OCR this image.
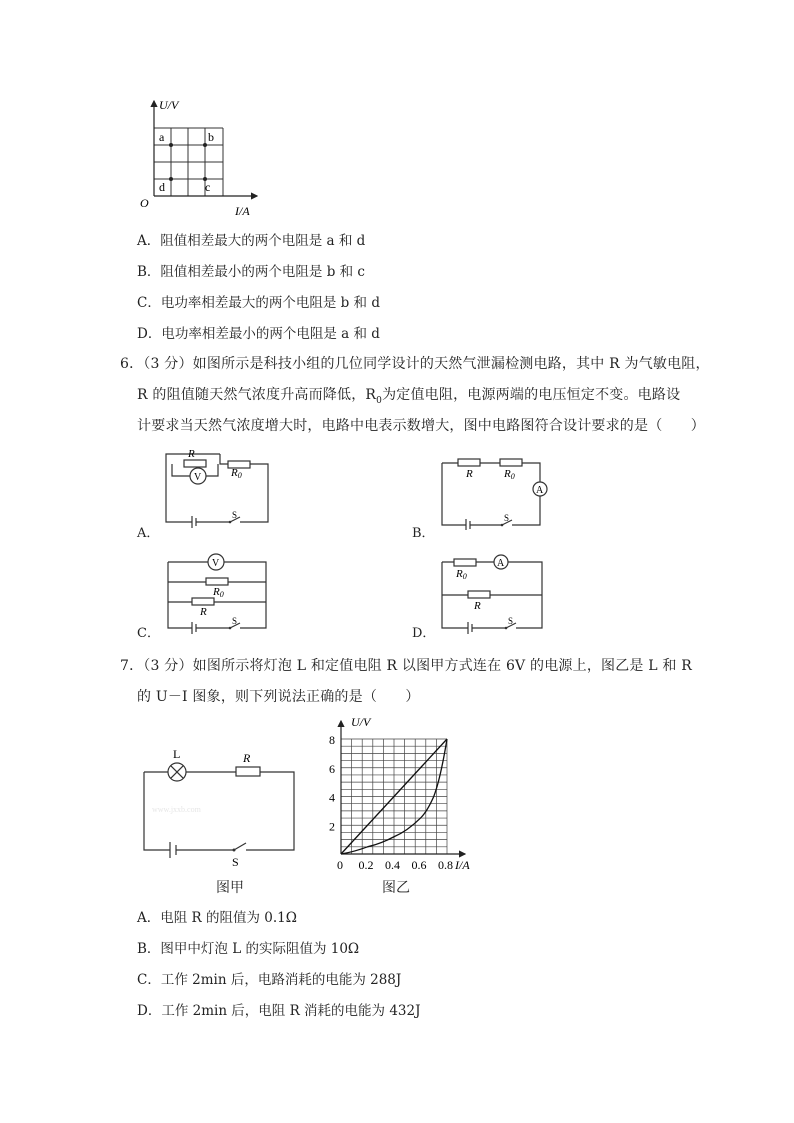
U/V
a	b
c
d
O
I/A
A．阻值相差最大的两个电阻是 a 和 d
B．阻值相差最小的两个电阻是 b 和 c
C．电功率相差最大的两个电阻是 b 和 d
D．电功率相差最小的两个电阻是 a 和 d
6．（3 分）如图所示是科技小组的几位同学设计的天然气泄漏检测电路，其中 R 为气敏电阻，
R 的阻值随天然气浓度升高而降低，$R_0$为定值电阻，电源两端的电压恒定不变。电路设
计要求当天然气浓度增大时，电路中电表示数增大，图中电路图符合设计要求的是（　　）
R
R0
V
S
A．
R	R0
A
S
B．
V
R0
R
S
C．
R0
A
R
S
D．
7．（3 分）如图所示将灯泡 L 和定值电阻 R 以图甲方式连在 6V 的电源上，图乙是 L 和 R
的 U－I 图象，则下列说法正确的是（　　）
L	R
S
www.jxxb.com
图甲
2
4
6
8
0 0.2 0.4 0.6 0.8
U/V
I/A
图乙
A．电阻 R 的阻值为 0.1Ω
B．图甲中灯泡 L 的实际阻值为 10Ω
C．工作 2min 后，电路消耗的电能为 288J
D．工作 2min 后，电阻 R 消耗的电能为 432J
